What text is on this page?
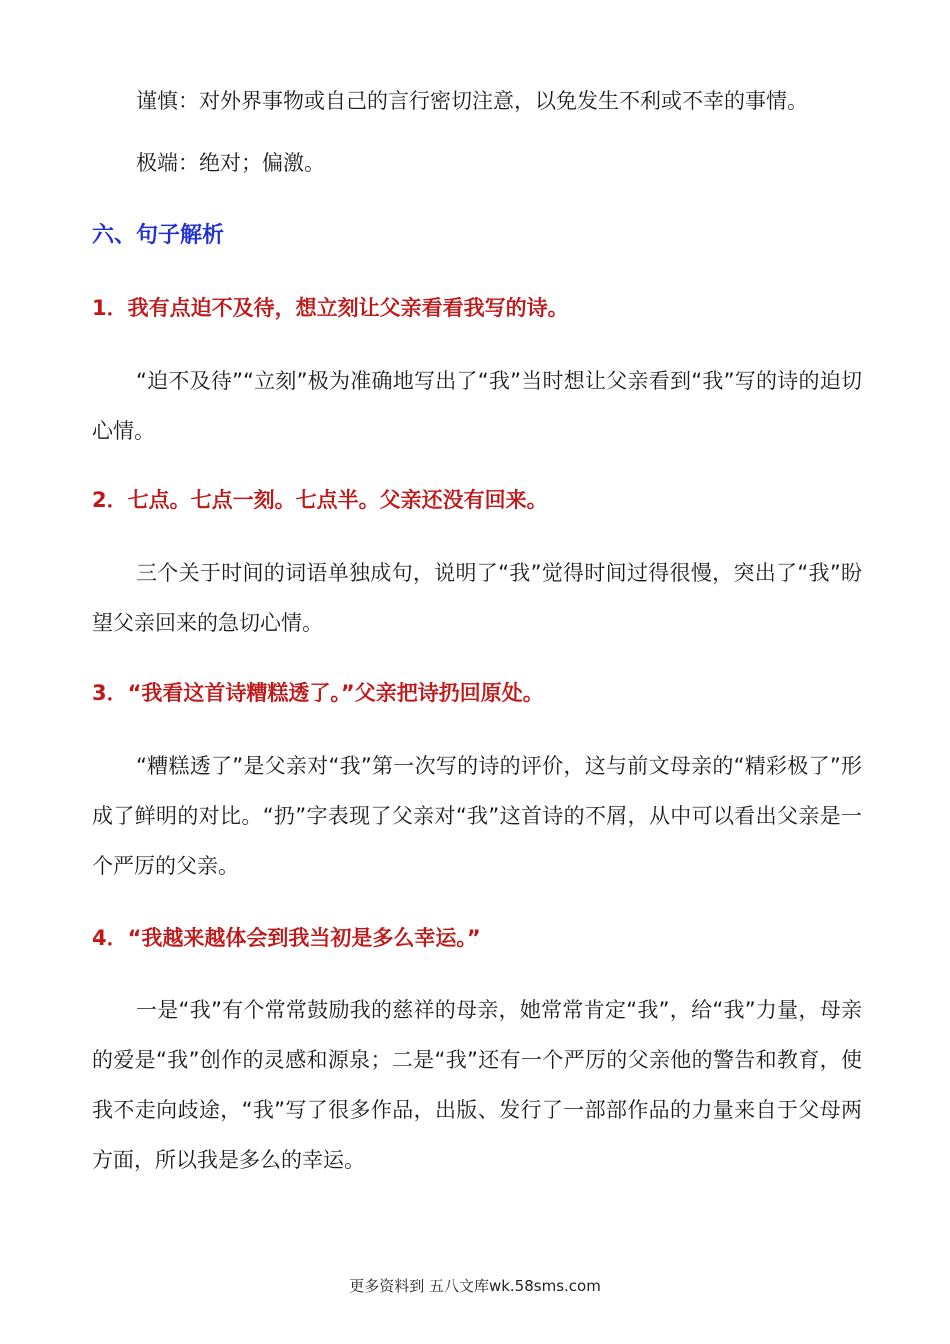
谨慎：对外界事物或自己的言行密切注意，以免发生不利或不幸的事情。

极端：绝对；偏激。

六、句子解析

1．我有点迫不及待，想立刻让父亲看看我写的诗。

“迫不及待”“立刻”极为准确地写出了“我”当时想让父亲看到“我”写的诗的迫切心情。

2．七点。七点一刻。七点半。父亲还没有回来。

三个关于时间的词语单独成句，说明了“我”觉得时间过得很慢，突出了“我”盼望父亲回来的急切心情。

3．“我看这首诗糟糕透了。”父亲把诗扔回原处。

“糟糕透了”是父亲对“我”第一次写的诗的评价，这与前文母亲的“精彩极了”形成了鲜明的对比。“扔”字表现了父亲对“我”这首诗的不屑，从中可以看出父亲是一个严厉的父亲。

4．“我越来越体会到我当初是多么幸运。”

一是“我”有个常常鼓励我的慈祥的母亲，她常常肯定“我”，给“我”力量，母亲的爱是“我”创作的灵感和源泉；二是“我”还有一个严厉的父亲他的警告和教育，使我不走向歧途，“我”写了很多作品，出版、发行了一部部作品的力量来自于父母两方面，所以我是多么的幸运。

更多资料到 五八文库wk.58sms.com
